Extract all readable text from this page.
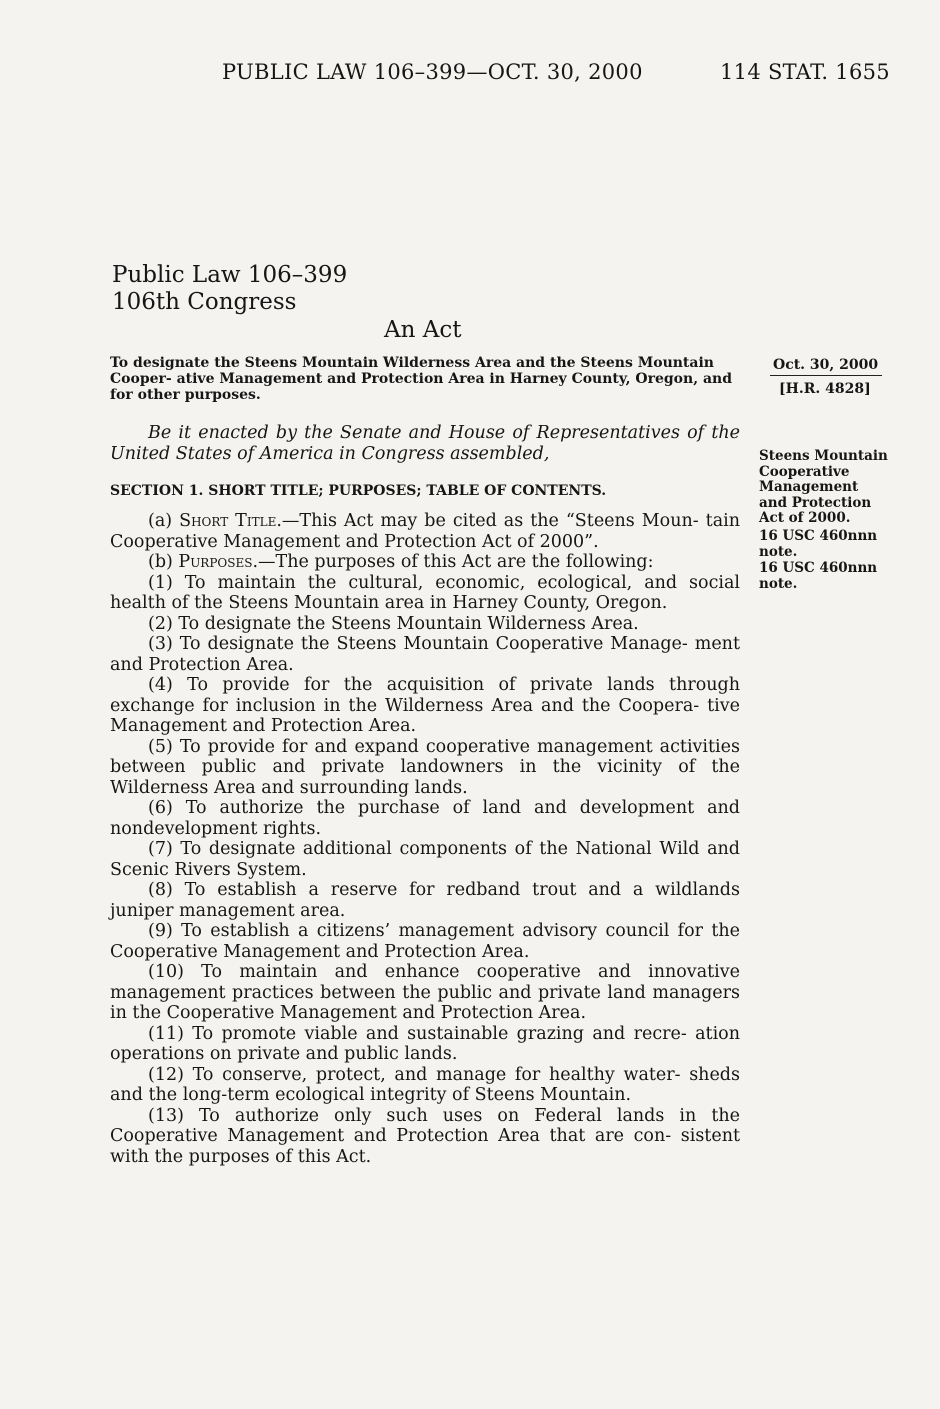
PUBLIC LAW 106–399—OCT. 30, 2000	114 STAT. 1655
Public Law 106–399
106th Congress
An Act
To designate the Steens Mountain Wilderness Area and the Steens Mountain Cooper- ative Management and Protection Area in Harney County, Oregon, and for other purposes.
Oct. 30, 2000
[H.R. 4828]
Steens Mountain Cooperative Management and Protection Act of 2000.
16 USC 460nnn note.
16 USC 460nnn note.
Be it enacted by the Senate and House of Representatives of the United States of America in Congress assembled,
SECTION 1. SHORT TITLE; PURPOSES; TABLE OF CONTENTS.

(a) Short Title.—This Act may be cited as the “Steens Moun- tain Cooperative Management and Protection Act of 2000”.

(b) Purposes.—The purposes of this Act are the following:

(1) To maintain the cultural, economic, ecological, and social health of the Steens Mountain area in Harney County, Oregon.

(2) To designate the Steens Mountain Wilderness Area.

(3) To designate the Steens Mountain Cooperative Manage- ment and Protection Area.

(4) To provide for the acquisition of private lands through exchange for inclusion in the Wilderness Area and the Coopera- tive Management and Protection Area.

(5) To provide for and expand cooperative management activities between public and private landowners in the vicinity of the Wilderness Area and surrounding lands.

(6) To authorize the purchase of land and development and nondevelopment rights.

(7) To designate additional components of the National Wild and Scenic Rivers System.

(8) To establish a reserve for redband trout and a wildlands juniper management area.

(9) To establish a citizens’ management advisory council for the Cooperative Management and Protection Area.

(10) To maintain and enhance cooperative and innovative management practices between the public and private land managers in the Cooperative Management and Protection Area.

(11) To promote viable and sustainable grazing and recre- ation operations on private and public lands.

(12) To conserve, protect, and manage for healthy water- sheds and the long-term ecological integrity of Steens Mountain.

(13) To authorize only such uses on Federal lands in the Cooperative Management and Protection Area that are con- sistent with the purposes of this Act.
